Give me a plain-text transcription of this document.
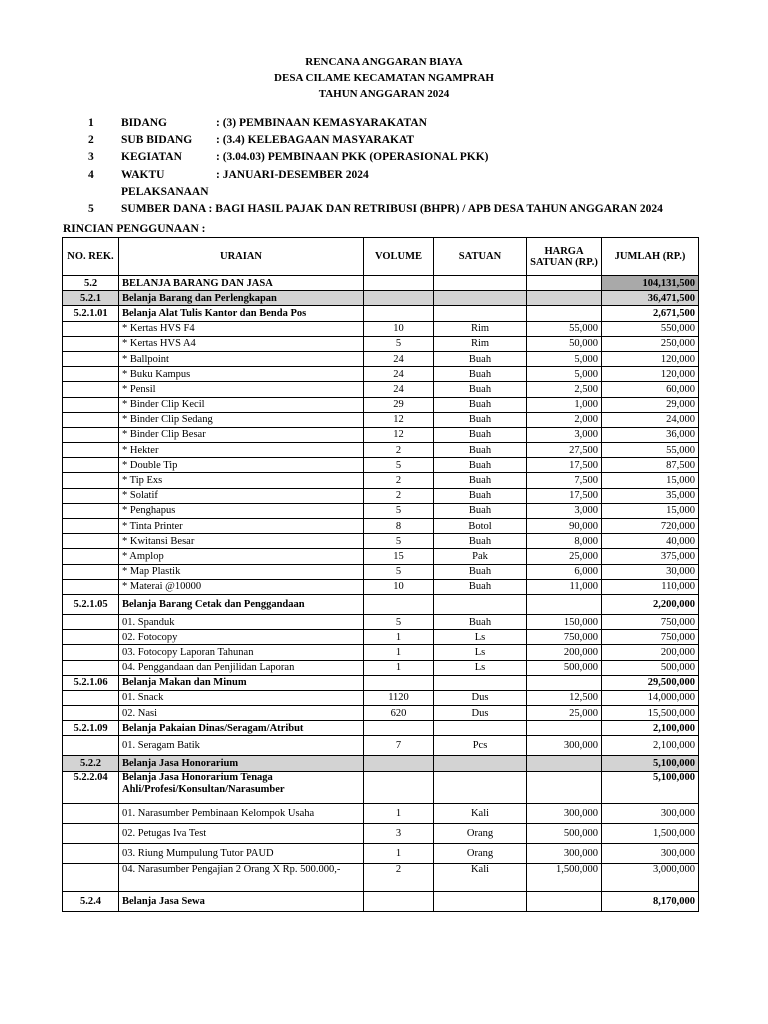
RENCANA ANGGARAN BIAYA
DESA CILAME KECAMATAN NGAMPRAH
TAHUN ANGGARAN 2024
1	BIDANG	: (3) PEMBINAAN KEMASYARAKATAN
2	SUB BIDANG : (3.4) KELEBAGAAN MASYARAKAT
3	KEGIATAN	: (3.04.03) PEMBINAAN PKK (OPERASIONAL PKK)
4	WAKTU	: JANUARI-DESEMBER 2024
PELAKSANAAN
5	SUMBER DANA : BAGI HASIL PAJAK DAN RETRIBUSI (BHPR) / APB DESA TAHUN ANGGARAN 2024
RINCIAN PENGGUNAAN :
NO. REK.	URAIAN	VOLUME	SATUAN	HARGA SATUAN (RP.)	JUMLAH (RP.)
5.2	BELANJA BARANG DAN JASA				104,131,500
5.2.1	Belanja Barang dan Perlengkapan				36,471,500
5.2.1.01	Belanja Alat Tulis Kantor dan Benda Pos				2,671,500
	* Kertas HVS F4	10	Rim	55,000	550,000
	* Kertas HVS A4	5	Rim	50,000	250,000
	* Ballpoint	24	Buah	5,000	120,000
	* Buku Kampus	24	Buah	5,000	120,000
	* Pensil	24	Buah	2,500	60,000
	* Binder Clip Kecil	29	Buah	1,000	29,000
	* Binder Clip Sedang	12	Buah	2,000	24,000
	* Binder Clip Besar	12	Buah	3,000	36,000
	* Hekter	2	Buah	27,500	55,000
	* Double Tip	5	Buah	17,500	87,500
	* Tip Exs	2	Buah	7,500	15,000
	* Solatif	2	Buah	17,500	35,000
	* Penghapus	5	Buah	3,000	15,000
	* Tinta Printer	8	Botol	90,000	720,000
	* Kwitansi Besar	5	Buah	8,000	40,000
	* Amplop	15	Pak	25,000	375,000
	* Map Plastik	5	Buah	6,000	30,000
	* Materai @10000	10	Buah	11,000	110,000
5.2.1.05	Belanja Barang Cetak dan Penggandaan				2,200,000
	01. Spanduk	5	Buah	150,000	750,000
	02. Fotocopy	1	Ls	750,000	750,000
	03. Fotocopy Laporan Tahunan	1	Ls	200,000	200,000
	04. Penggandaan dan Penjilidan Laporan	1	Ls	500,000	500,000
5.2.1.06	Belanja Makan dan Minum				29,500,000
	01. Snack	1120	Dus	12,500	14,000,000
	02. Nasi	620	Dus	25,000	15,500,000
5.2.1.09	Belanja Pakaian Dinas/Seragam/Atribut				2,100,000
	01. Seragam Batik	7	Pcs	300,000	2,100,000
5.2.2	Belanja Jasa Honorarium				5,100,000
5.2.2.04	Belanja Jasa Honorarium Tenaga Ahli/Profesi/Konsultan/Narasumber				5,100,000
	01. Narasumber Pembinaan Kelompok Usaha	1	Kali	300,000	300,000
	02. Petugas Iva Test	3	Orang	500,000	1,500,000
	03. Riung Mumpulung Tutor PAUD	1	Orang	300,000	300,000
	04. Narasumber Pengajian 2 Orang X Rp. 500.000,-	2	Kali	1,500,000	3,000,000
5.2.4	Belanja Jasa Sewa				8,170,000
